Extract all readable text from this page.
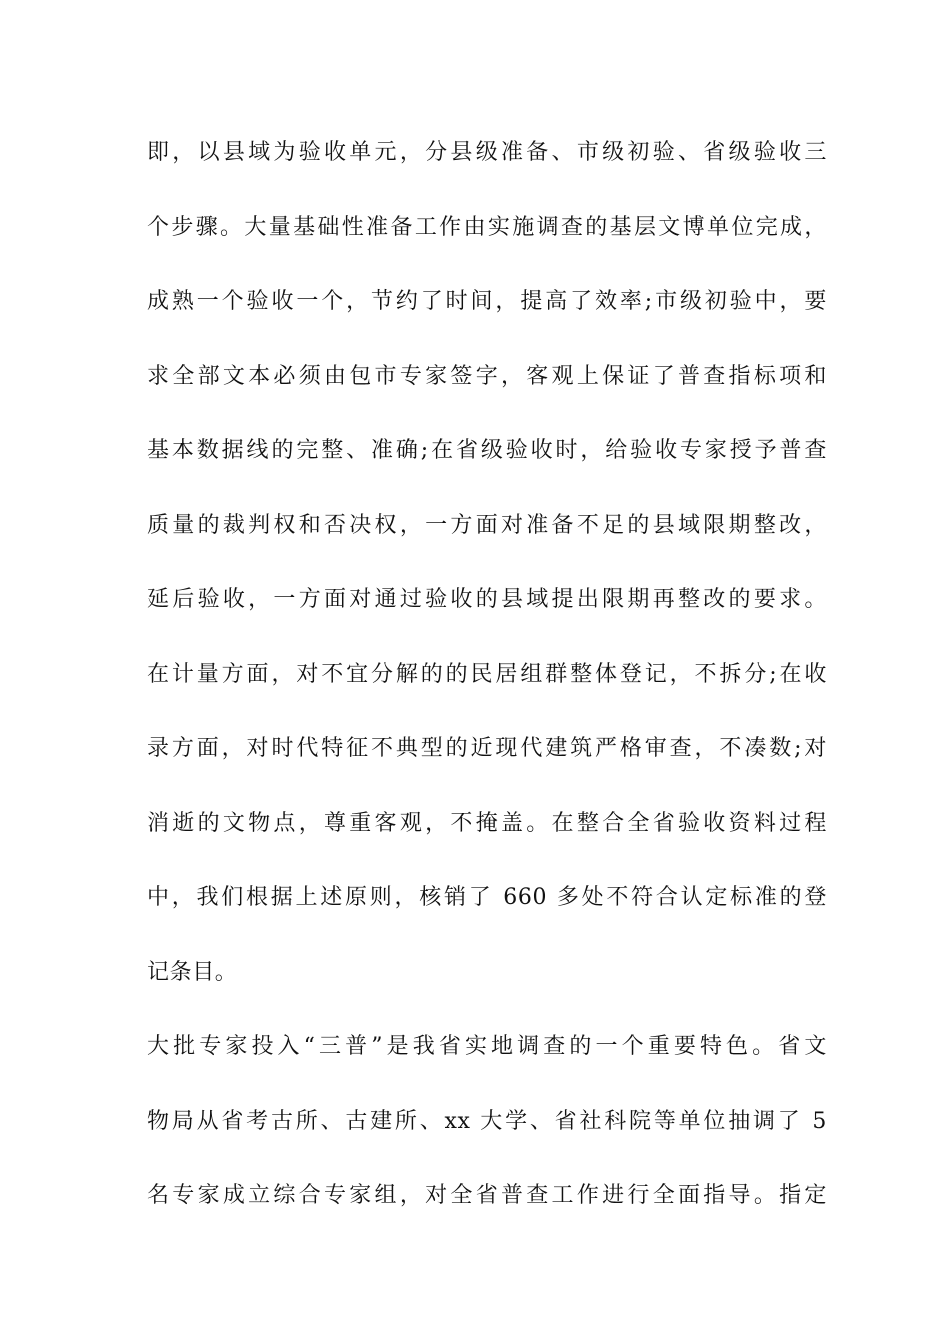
即，以县域为验收单元，分县级准备、市级初验、省级验收三
个步骤。大量基础性准备工作由实施调查的基层文博单位完成，
成熟一个验收一个，节约了时间，提高了效率;市级初验中，要
求全部文本必须由包市专家签字，客观上保证了普查指标项和
基本数据线的完整、准确;在省级验收时，给验收专家授予普查
质量的裁判权和否决权，一方面对准备不足的县域限期整改，
延后验收，一方面对通过验收的县域提出限期再整改的要求。
在计量方面，对不宜分解的的民居组群整体登记，不拆分;在收
录方面，对时代特征不典型的近现代建筑严格审查，不凑数;对
消逝的文物点，尊重客观，不掩盖。在整合全省验收资料过程
中，我们根据上述原则，核销了 660 多处不符合认定标准的登
记条目。
大批专家投入“三普”是我省实地调查的一个重要特色。省文
物局从省考古所、古建所、xx 大学、省社科院等单位抽调了 5
名专家成立综合专家组，对全省普查工作进行全面指导。指定
